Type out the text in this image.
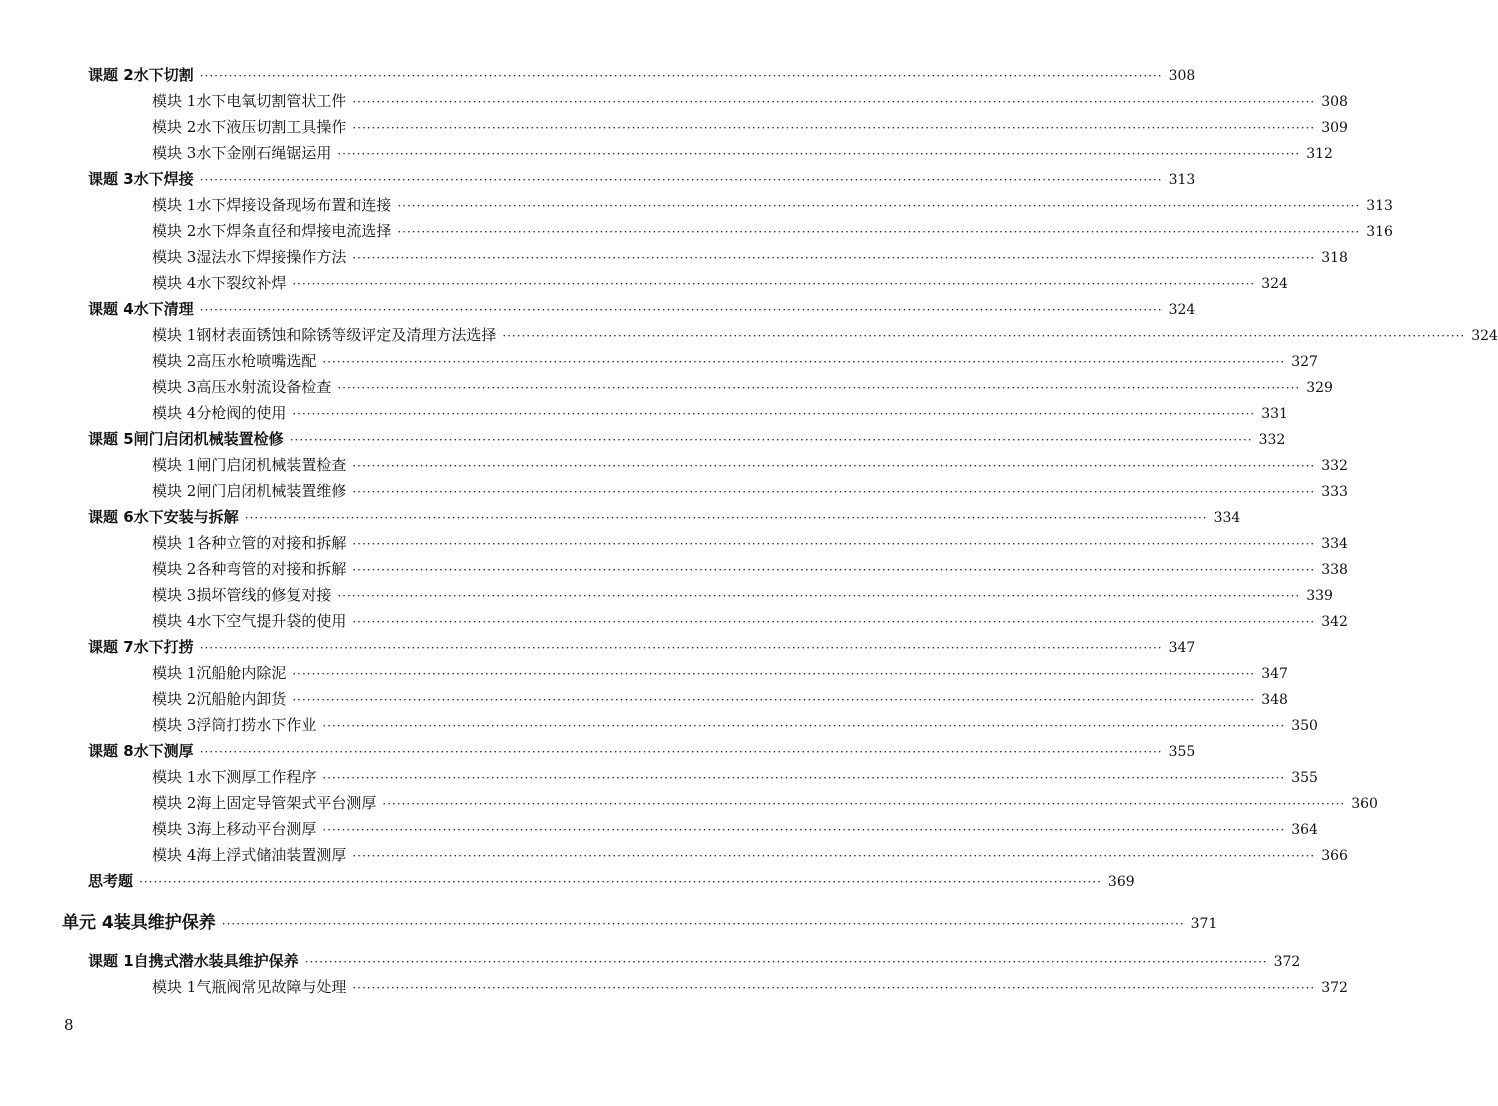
课题 2 水下切割 ········································································································································································································ 308
模块 1 水下电氧切割管状工件 ········································································································································································································ 308
模块 2 水下液压切割工具操作 ········································································································································································································ 309
模块 3 水下金刚石绳锯运用 ········································································································································································································ 312
课题 3 水下焊接 ········································································································································································································ 313
模块 1 水下焊接设备现场布置和连接 ········································································································································································································ 313
模块 2 水下焊条直径和焊接电流选择 ········································································································································································································ 316
模块 3 湿法水下焊接操作方法 ········································································································································································································ 318
模块 4 水下裂纹补焊 ········································································································································································································ 324
课题 4 水下清理 ········································································································································································································ 324
模块 1 钢材表面锈蚀和除锈等级评定及清理方法选择 ········································································································································································································ 324
模块 2 高压水枪喷嘴选配 ········································································································································································································ 327
模块 3 高压水射流设备检查 ········································································································································································································ 329
模块 4 分枪阀的使用 ········································································································································································································ 331
课题 5 闸门启闭机械装置检修 ········································································································································································································ 332
模块 1 闸门启闭机械装置检查 ········································································································································································································ 332
模块 2 闸门启闭机械装置维修 ········································································································································································································ 333
课题 6 水下安装与拆解 ········································································································································································································ 334
模块 1 各种立管的对接和拆解 ········································································································································································································ 334
模块 2 各种弯管的对接和拆解 ········································································································································································································ 338
模块 3 损坏管线的修复对接 ········································································································································································································ 339
模块 4 水下空气提升袋的使用 ········································································································································································································ 342
课题 7 水下打捞 ········································································································································································································ 347
模块 1 沉船舱内除泥 ········································································································································································································ 347
模块 2 沉船舱内卸货 ········································································································································································································ 348
模块 3 浮筒打捞水下作业 ········································································································································································································ 350
课题 8 水下测厚 ········································································································································································································ 355
模块 1 水下测厚工作程序 ········································································································································································································ 355
模块 2 海上固定导管架式平台测厚 ········································································································································································································ 360
模块 3 海上移动平台测厚 ········································································································································································································ 364
模块 4 海上浮式储油装置测厚 ········································································································································································································ 366
思考题 ········································································································································································································ 369
单元 4 装具维护保养 ········································································································································································································ 371
课题 1 自携式潜水装具维护保养 ········································································································································································································ 372
模块 1 气瓶阀常见故障与处理 ········································································································································································································ 372
8
